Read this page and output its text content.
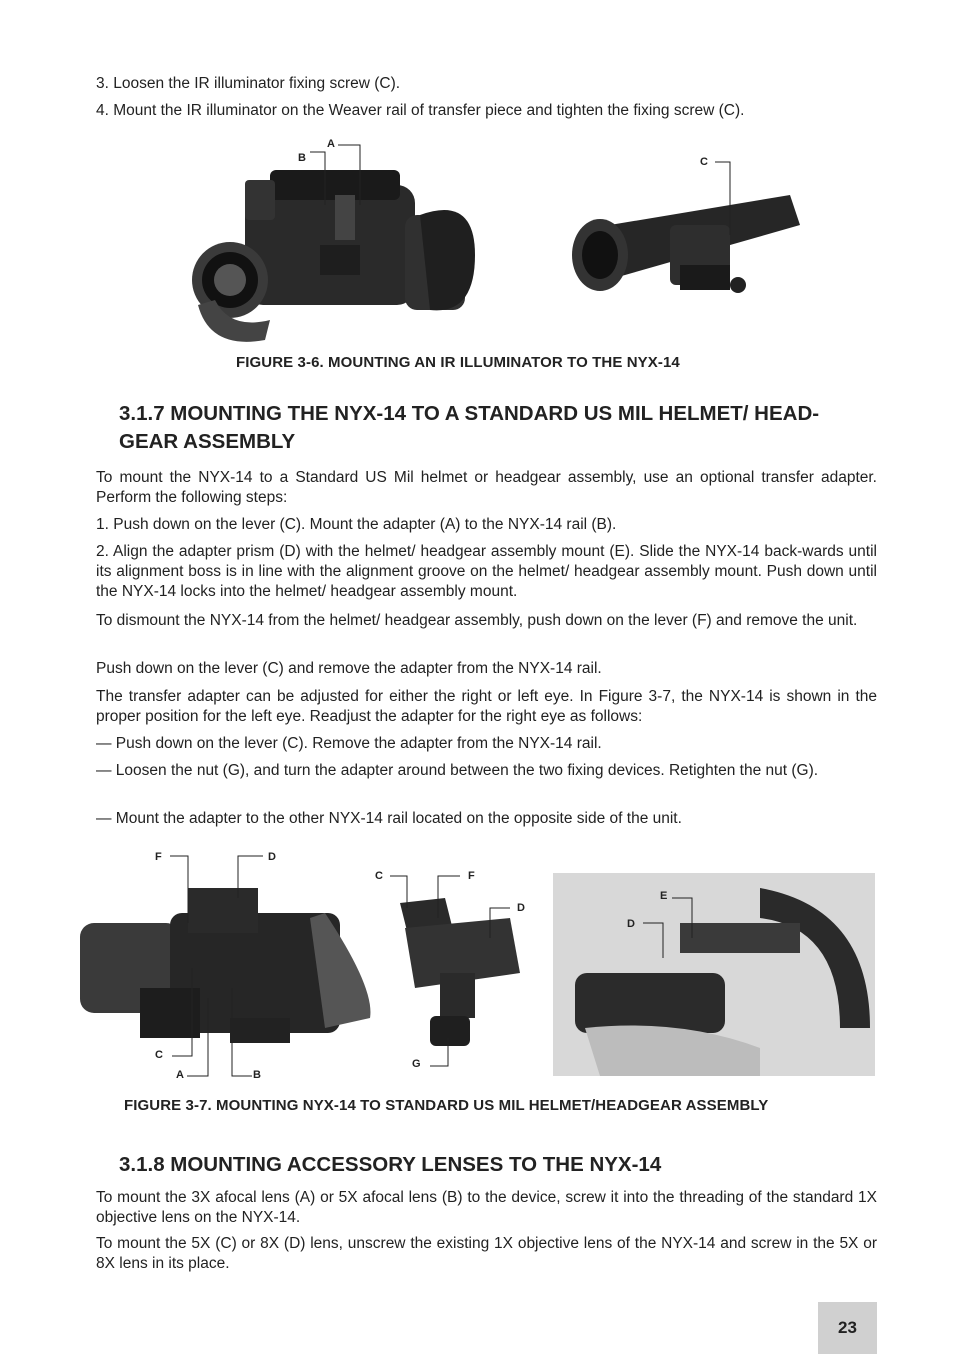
3. Loosen the IR illuminator fixing screw (C).

4. Mount the IR illuminator on the Weaver rail of transfer piece and tighten the fixing screw (C).

A
B	C

FIGURE 3-6. MOUNTING AN IR ILLUMINATOR TO THE NYX-14

3.1.7 MOUNTING THE NYX-14 TO A STANDARD US MIL HELMET/ HEAD-GEAR ASSEMBLY

To mount the NYX-14 to a Standard US Mil helmet or headgear assembly, use an optional transfer adapter. Perform the following steps:

1. Push down on the lever (C). Mount the adapter (A) to the NYX-14 rail (B).

2. Align the adapter prism (D) with the helmet/ headgear assembly mount (E). Slide the NYX-14 back-wards until its alignment boss is in line with the alignment groove on the helmet/ headgear assembly mount. Push down until the NYX-14 locks into the helmet/ headgear assembly mount.

To dismount the NYX-14 from the helmet/ headgear assembly, push down on the lever (F) and remove the unit.

Push down on the lever (C) and remove the adapter from the NYX-14 rail.

The transfer adapter can be adjusted for either the right or left eye. In Figure 3-7, the NYX-14 is shown in the proper position for the left eye. Readjust the adapter for the right eye as follows:

— Push down on the lever (C). Remove the adapter from the NYX-14 rail.

— Loosen the nut (G), and turn the adapter around between the two fixing devices. Retighten the nut (G).

— Mount the adapter to the other NYX-14 rail located on the opposite side of the unit.

F	D
C
A	B
C	F
D
G
E
D

FIGURE 3-7. MOUNTING NYX-14 TO STANDARD US MIL HELMET/HEADGEAR ASSEMBLY

3.1.8 MOUNTING ACCESSORY LENSES TO THE NYX-14

To mount the 3X afocal lens (A) or 5X afocal lens (B) to the device, screw it into the threading of the standard 1X objective lens on the NYX-14.

To mount the 5X (C) or 8X (D) lens, unscrew the existing 1X objective lens of the NYX-14 and screw in the 5X or 8X lens in its place.

23
